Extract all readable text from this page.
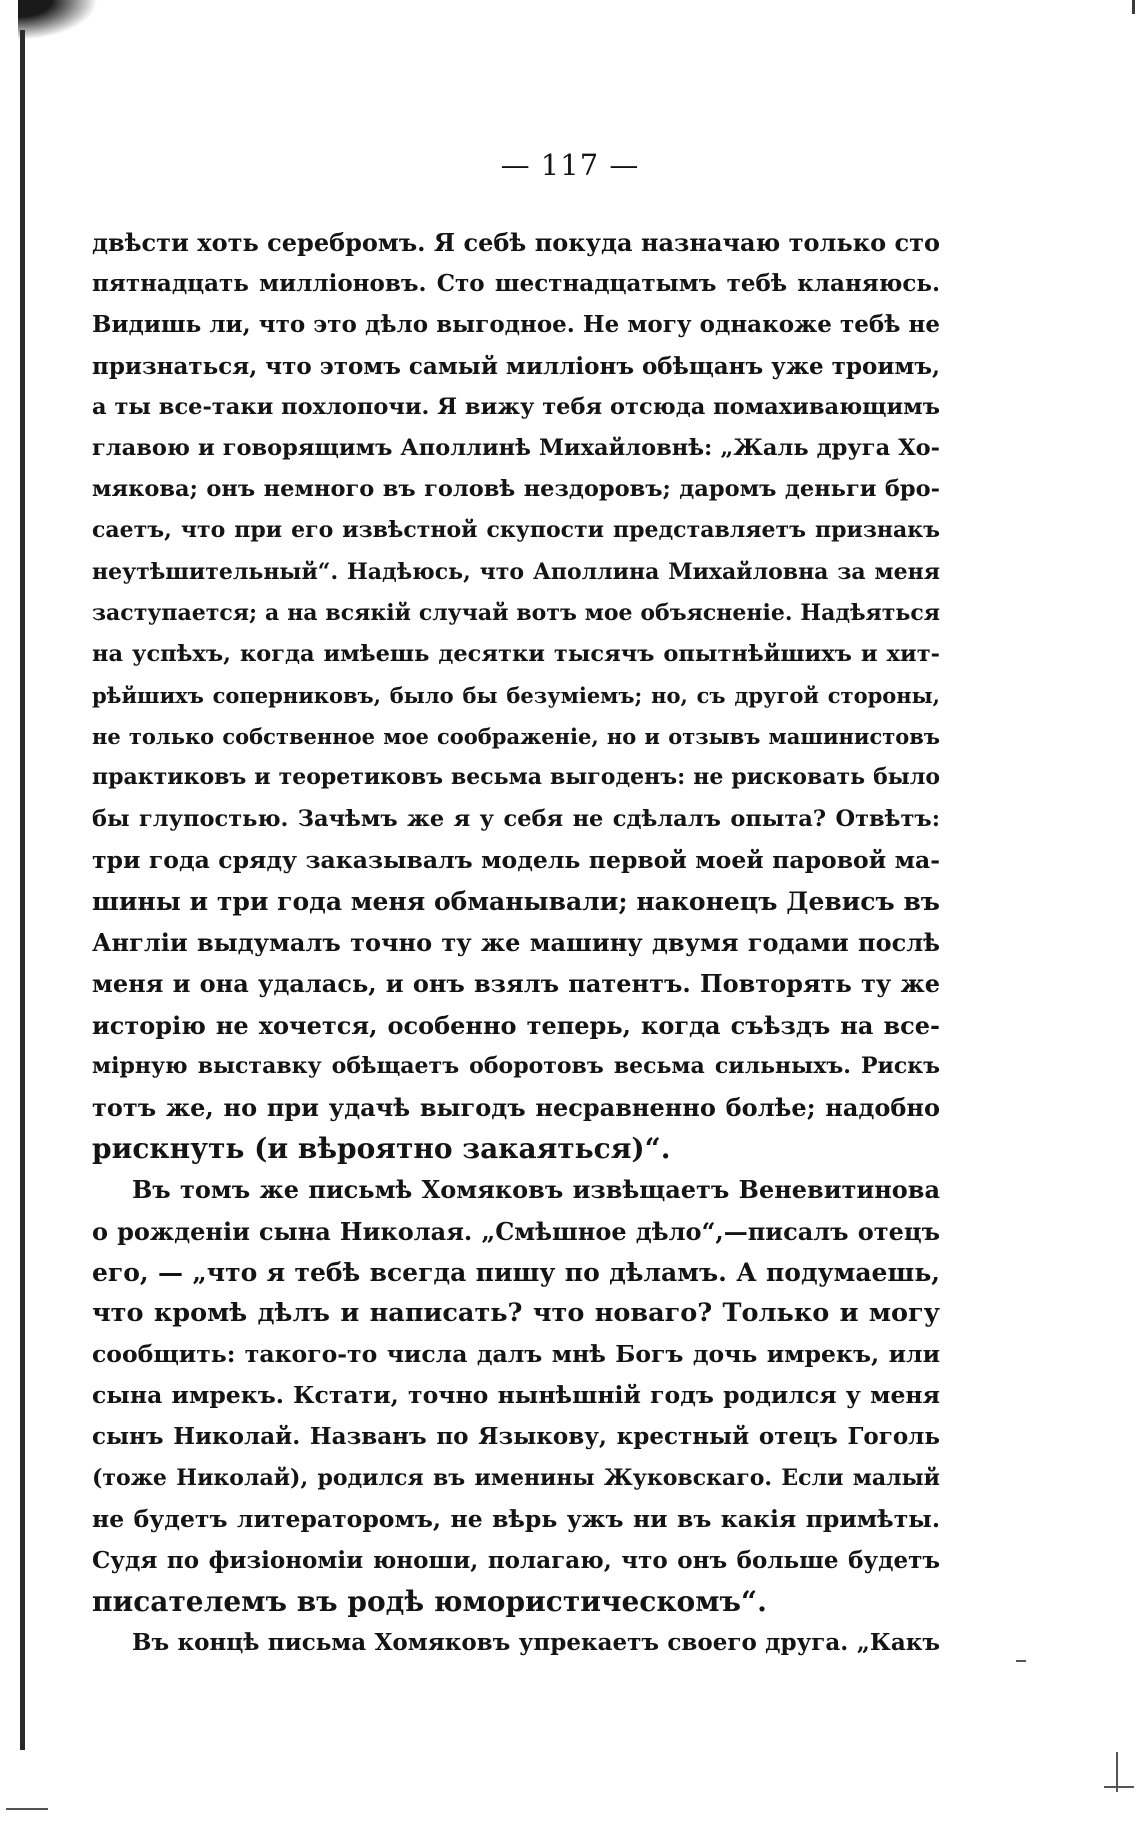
— 117 —
двѣсти хоть серебромъ. Я себѣ покуда назначаю только сто
пятнадцать милліоновъ. Сто шестнадцатымъ тебѣ кланяюсь.
Видишь ли, что это дѣло выгодное. Не могу однакоже тебѣ не
признаться, что этомъ самый милліонъ обѣщанъ уже троимъ,
а ты все-таки похлопочи. Я вижу тебя отсюда помахивающимъ
главою и говорящимъ Аполлинѣ Михайловнѣ: „Жаль друга Хо-
мякова; онъ немного въ головѣ нездоровъ; даромъ деньги бро-
саетъ, что при его извѣстной скупости представляетъ признакъ
неутѣшительный“. Надѣюсь, что Аполлина Михайловна за меня
заступается; а на всякій случай вотъ мое объясненіе. Надѣяться
на успѣхъ, когда имѣешь десятки тысячъ опытнѣйшихъ и хит-
рѣйшихъ соперниковъ, было бы безуміемъ; но, съ другой стороны,
не только собственное мое соображеніе, но и отзывъ машинистовъ
практиковъ и теоретиковъ весьма выгоденъ: не рисковать было
бы глупостью. Зачѣмъ же я у себя не сдѣлалъ опыта? Отвѣтъ:
три года сряду заказывалъ модель первой моей паровой ма-
шины и три года меня обманывали; наконецъ Девисъ въ
Англіи выдумалъ точно ту же машину двумя годами послѣ
меня и она удалась, и онъ взялъ патентъ. Повторять ту же
исторію не хочется, особенно теперь, когда съѣздъ на все-
мірную выставку обѣщаетъ оборотовъ весьма сильныхъ. Рискъ
тотъ же, но при удачѣ выгодъ несравненно болѣе; надобно
рискнуть (и вѣроятно закаяться)“.
Въ томъ же письмѣ Хомяковъ извѣщаетъ Веневитинова
о рожденіи сына Николая. „Смѣшное дѣло“,—писалъ отецъ
его, — „что я тебѣ всегда пишу по дѣламъ. А подумаешь,
что кромѣ дѣлъ и написать? что новаго? Только и могу
сообщить: такого-то числа далъ мнѣ Богъ дочь имрекъ, или
сына имрекъ. Кстати, точно нынѣшній годъ родился у меня
сынъ Николай. Названъ по Языкову, крестный отецъ Гоголь
(тоже Николай), родился въ именины Жуковскаго. Если малый
не будетъ литераторомъ, не вѣрь ужъ ни въ какія примѣты.
Судя по физіономіи юноши, полагаю, что онъ больше будетъ
писателемъ въ родѣ юмористическомъ“.
Въ концѣ письма Хомяковъ упрекаетъ своего друга. „Какъ
